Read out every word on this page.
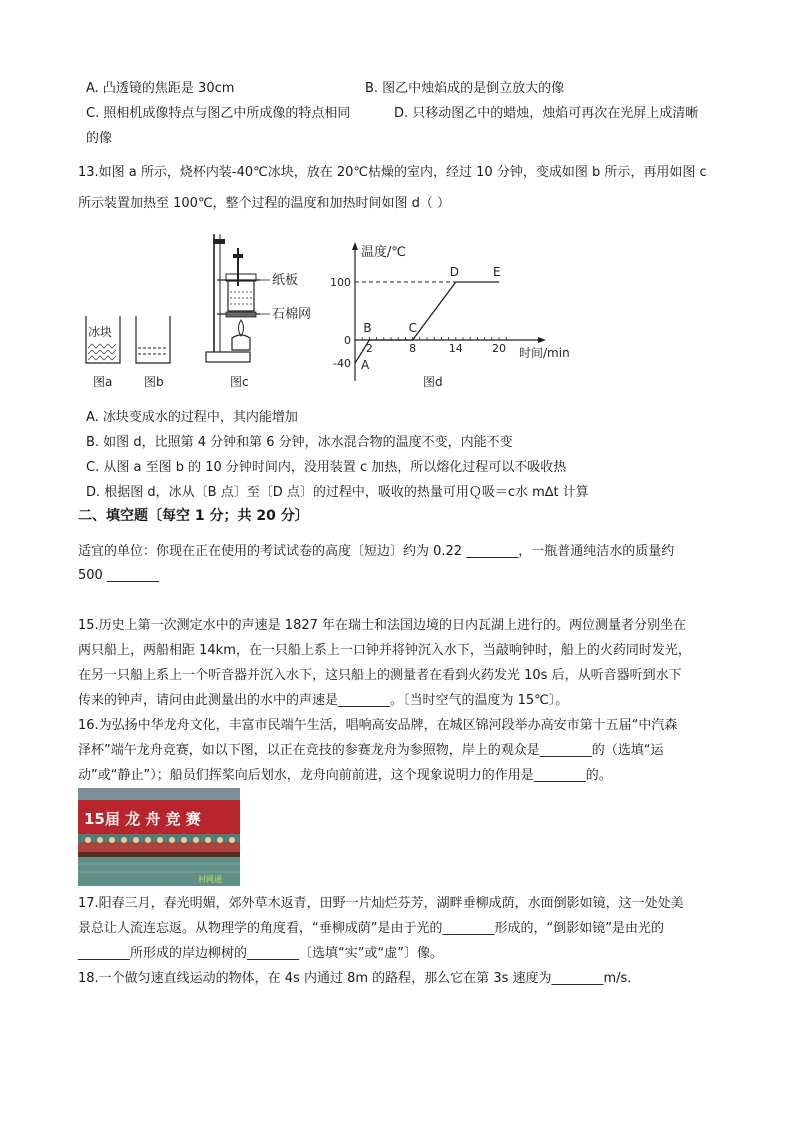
A. 凸透镜的焦距是 30cm	B. 图乙中烛焰成的是倒立放大的像
C. 照相机成像特点与图乙中所成像的特点相同	D. 只移动图乙中的蜡烛，烛焰可再次在光屏上成清晰
的像
13.如图 a 所示，烧杯内装-40℃冰块，放在 20℃枯燥的室内，经过 10 分钟，变成如图 b 所示，再用如图 c
所示装置加热至 100℃，整个过程的温度和加热时间如图 d（ ）
冰块
图a	图b	图c
纸板
石棉网
温度/℃
时间/min
2	8	14	20
100
0
-40 A
B	C
D	E
图d
A. 冰块变成水的过程中，其内能增加
B. 如图 d，比照第 4 分钟和第 6 分钟，冰水混合物的温度不变，内能不变
C. 从图 a 至图 b 的 10 分钟时间内，没用装置 c 加热，所以熔化过程可以不吸收热
D. 根据图 d，冰从〔B 点〕至〔D 点〕的过程中，吸收的热量可用Ｑ吸＝c水 m∆t 计算
二、填空题〔每空 1 分；共 20 分〕
适宜的单位：你现在正在使用的考试试卷的高度〔短边〕约为 0.22 ________，一瓶普通纯洁水的质量约
500 ________
15.历史上第一次测定水中的声速是 1827 年在瑞士和法国边境的日内瓦湖上进行的。两位测量者分别坐在
两只船上，两船相距 14km，在一只船上系上一口钟并将钟沉入水下，当敲响钟时，船上的火药同时发光，
在另一只船上系上一个听音器并沉入水下，这只船上的测量者在看到火药发光 10s 后，从听音器听到水下
传来的钟声，请问由此测量出的水中的声速是________。〔当时空气的温度为 15℃〕。
16.为弘扬中华龙舟文化，丰富市民端午生活，唱响高安品牌，在城区锦河段举办高安市第十五届“中汽森
泽杯”端午龙舟竞赛，如以下图，以正在竞技的参赛龙舟为参照物，岸上的观众是________的（选填“运
动”或“静止”）；船员们挥桨向后划水，龙舟向前前进，这个现象说明力的作用是________的。
15届 龙 舟 竞 赛
村网通
17.阳春三月，春光明媚，郊外草木返青，田野一片灿烂芬芳，湖畔垂柳成荫，水面倒影如镜，这一处处美
景总让人流连忘返。从物理学的角度看，“垂柳成荫”是由于光的________形成的，“倒影如镜”是由光的
________所形成的岸边柳树的________〔选填“实”或“虚”〕像。
18.一个做匀速直线运动的物体，在 4s 内通过 8m 的路程，那么它在第 3s 速度为________m/s．
